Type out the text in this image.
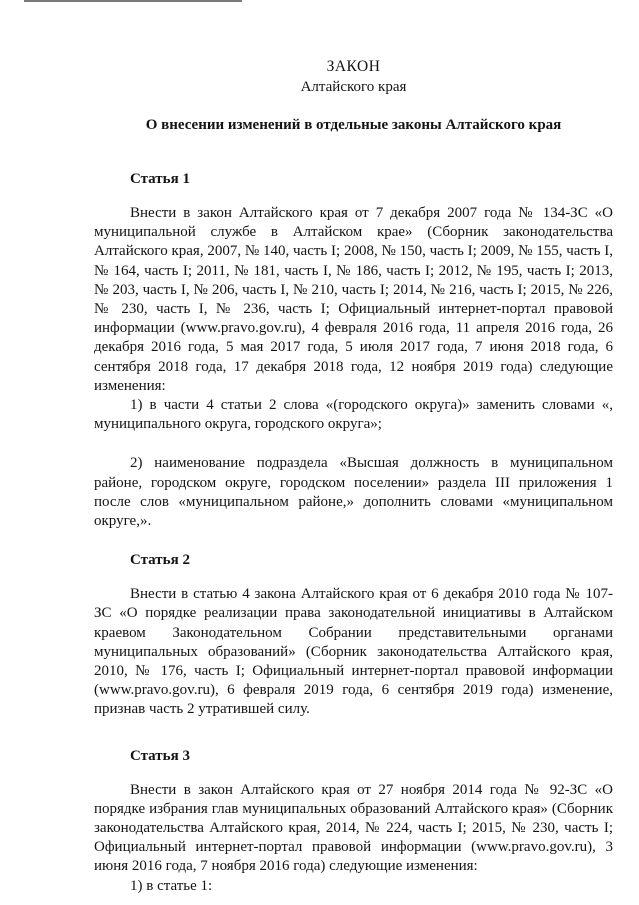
ЗАКОН
Алтайского края
О внесении изменений в отдельные законы Алтайского края
Статья 1

Внести в закон Алтайского края от 7 декабря 2007 года № 134-ЗС «О муниципальной службе в Алтайском крае» (Сборник законодательства Алтайского края, 2007, № 140, часть I; 2008, № 150, часть I; 2009, № 155, часть I, № 164, часть I; 2011, № 181, часть I, № 186, часть I; 2012, № 195, часть I; 2013, № 203, часть I, № 206, часть I, № 210, часть I; 2014, № 216, часть I; 2015, № 226, № 230, часть I, № 236, часть I; Официальный интернет-портал правовой информации (www.pravo.gov.ru), 4 февраля 2016 года, 11 апреля 2016 года, 26 декабря 2016 года, 5 мая 2017 года, 5 июля 2017 года, 7 июня 2018 года, 6 сентября 2018 года, 17 декабря 2018 года, 12 ноября 2019 года) следующие изменения:

1) в части 4 статьи 2 слова «(городского округа)» заменить словами «, муниципального округа, городского округа»;

2) наименование подраздела «Высшая должность в муниципальном районе, городском округе, городском поселении» раздела III приложения 1 после слов «муниципальном районе,» дополнить словами «муниципальном округе,».

Статья 2

Внести в статью 4 закона Алтайского края от 6 декабря 2010 года № 107-ЗС «О порядке реализации права законодательной инициативы в Алтайском краевом Законодательном Собрании представительными органами муниципальных образований» (Сборник законодательства Алтайского края, 2010, № 176, часть I; Официальный интернет-портал правовой информации (www.pravo.gov.ru), 6 февраля 2019 года, 6 сентября 2019 года) изменение, признав часть 2 утратившей силу.

Статья 3

Внести в закон Алтайского края от 27 ноября 2014 года № 92-ЗС «О порядке избрания глав муниципальных образований Алтайского края» (Сборник законодательства Алтайского края, 2014, № 224, часть I; 2015, № 230, часть I; Официальный интернет-портал правовой информации (www.pravo.gov.ru), 3 июня 2016 года, 7 ноября 2016 года) следующие изменения:

1) в статье 1:
